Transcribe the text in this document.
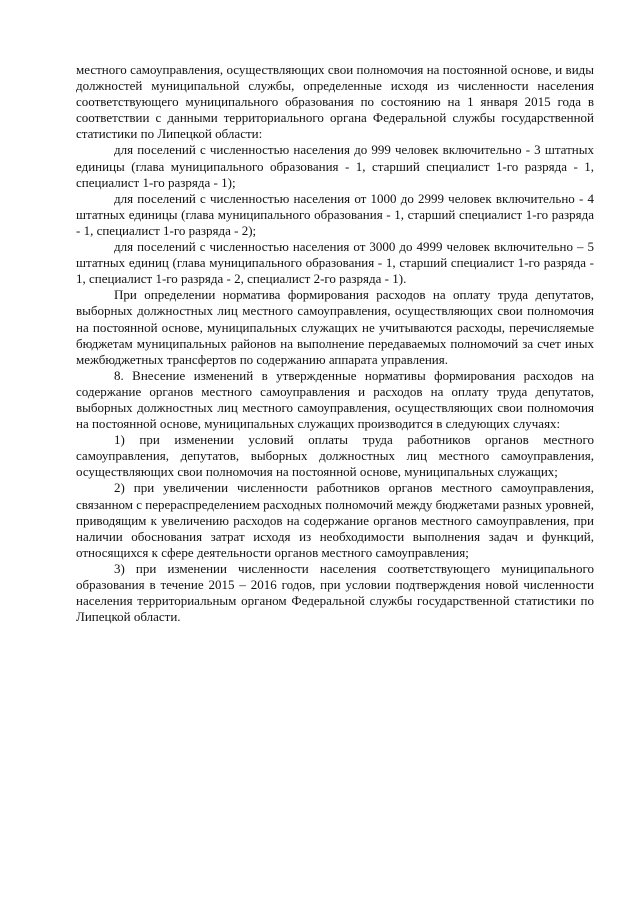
местного самоуправления, осуществляющих свои полномочия на постоянной основе, и виды должностей муниципальной службы, определенные исходя из численности населения соответствующего муниципального образования по состоянию на 1 января 2015 года в соответствии с данными территориального органа Федеральной службы государственной статистики по Липецкой области:

для поселений с численностью населения до 999 человек включительно - 3 штатных единицы (глава муниципального образования - 1, старший специалист 1-го разряда - 1, специалист 1-го разряда - 1);

для поселений с численностью населения от 1000 до 2999 человек включительно - 4 штатных единицы (глава муниципального образования - 1, старший специалист 1-го разряда - 1, специалист 1-го разряда - 2);

для поселений с численностью населения от 3000 до 4999 человек включительно – 5 штатных единиц (глава муниципального образования - 1, старший специалист 1-го разряда - 1, специалист 1-го разряда - 2, специалист 2-го разряда - 1).

При определении норматива формирования расходов на оплату труда депутатов, выборных должностных лиц местного самоуправления, осуществляющих свои полномочия на постоянной основе, муниципальных служащих не учитываются расходы, перечисляемые бюджетам муниципальных районов на выполнение передаваемых полномочий за счет иных межбюджетных трансфертов по содержанию аппарата управления.

8. Внесение изменений в утвержденные нормативы формирования расходов на содержание органов местного самоуправления и расходов на оплату труда депутатов, выборных должностных лиц местного самоуправления, осуществляющих свои полномочия на постоянной основе, муниципальных служащих производится в следующих случаях:

1) при изменении условий оплаты труда работников органов местного самоуправления, депутатов, выборных должностных лиц местного самоуправления, осуществляющих свои полномочия на постоянной основе, муниципальных служащих;

2) при увеличении численности работников органов местного самоуправления, связанном с перераспределением расходных полномочий между бюджетами разных уровней, приводящим к увеличению расходов на содержание органов местного самоуправления, при наличии обоснования затрат исходя из необходимости выполнения задач и функций, относящихся к сфере деятельности органов местного самоуправления;

3) при изменении численности населения соответствующего муниципального образования в течение 2015 – 2016 годов, при условии подтверждения новой численности населения территориальным органом Федеральной службы государственной статистики по Липецкой области.
